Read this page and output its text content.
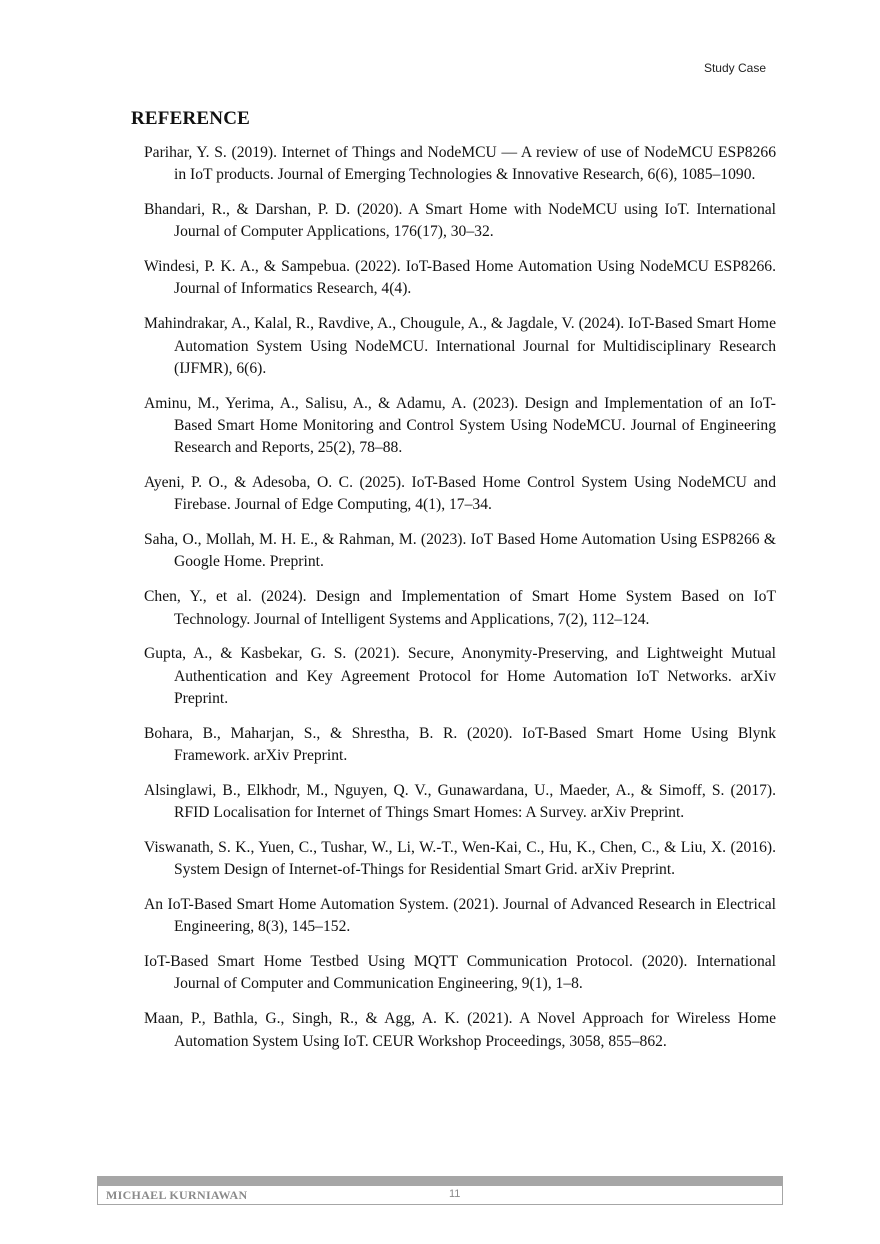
Study Case
REFERENCE

Parihar, Y. S. (2019). Internet of Things and NodeMCU — A review of use of NodeMCU ESP8266 in IoT products. Journal of Emerging Technologies & Innovative Research, 6(6), 1085–1090.

Bhandari, R., & Darshan, P. D. (2020). A Smart Home with NodeMCU using IoT. International Journal of Computer Applications, 176(17), 30–32.

Windesi, P. K. A., & Sampebua. (2022). IoT-Based Home Automation Using NodeMCU ESP8266. Journal of Informatics Research, 4(4).

Mahindrakar, A., Kalal, R., Ravdive, A., Chougule, A., & Jagdale, V. (2024). IoT-Based Smart Home Automation System Using NodeMCU. International Journal for Multidisciplinary Research (IJFMR), 6(6).

Aminu, M., Yerima, A., Salisu, A., & Adamu, A. (2023). Design and Implementation of an IoT-Based Smart Home Monitoring and Control System Using NodeMCU. Journal of Engineering Research and Reports, 25(2), 78–88.

Ayeni, P. O., & Adesoba, O. C. (2025). IoT-Based Home Control System Using NodeMCU and Firebase. Journal of Edge Computing, 4(1), 17–34.

Saha, O., Mollah, M. H. E., & Rahman, M. (2023). IoT Based Home Automation Using ESP8266 & Google Home. Preprint.

Chen, Y., et al. (2024). Design and Implementation of Smart Home System Based on IoT Technology. Journal of Intelligent Systems and Applications, 7(2), 112–124.

Gupta, A., & Kasbekar, G. S. (2021). Secure, Anonymity-Preserving, and Lightweight Mutual Authentication and Key Agreement Protocol for Home Automation IoT Networks. arXiv Preprint.

Bohara, B., Maharjan, S., & Shrestha, B. R. (2020). IoT-Based Smart Home Using Blynk Framework. arXiv Preprint.

Alsinglawi, B., Elkhodr, M., Nguyen, Q. V., Gunawardana, U., Maeder, A., & Simoff, S. (2017). RFID Localisation for Internet of Things Smart Homes: A Survey. arXiv Preprint.

Viswanath, S. K., Yuen, C., Tushar, W., Li, W.-T., Wen-Kai, C., Hu, K., Chen, C., & Liu, X. (2016). System Design of Internet-of-Things for Residential Smart Grid. arXiv Preprint.

An IoT-Based Smart Home Automation System. (2021). Journal of Advanced Research in Electrical Engineering, 8(3), 145–152.

IoT-Based Smart Home Testbed Using MQTT Communication Protocol. (2020). International Journal of Computer and Communication Engineering, 9(1), 1–8.

Maan, P., Bathla, G., Singh, R., & Agg, A. K. (2021). A Novel Approach for Wireless Home Automation System Using IoT. CEUR Workshop Proceedings, 3058, 855–862.

MICHAEL KURNIAWAN	11
